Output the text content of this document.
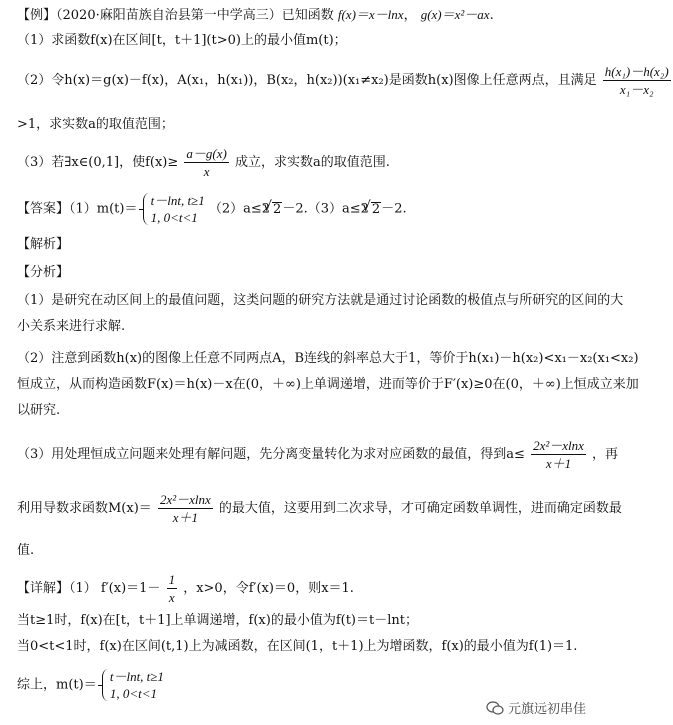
【例】（2020·麻阳苗族自治县第一中学高三）已知函数 f(x)＝x－lnx， g(x)＝x²－ax.
（1）求函数f(x)在区间[t，t＋1](t>0)上的最小值m(t)；
（2）令h(x)＝g(x)－f(x)，A(x₁，h(x₁))，B(x₂，h(x₂))(x₁≠x₂)是函数h(x)图像上任意两点，且满足 $\frac{\text{h(x₁)－h(x₂)}}{\text{x₁－x₂}}$
>1，求实数a的取值范围；
（3）若∃x∈(0,1]，使$f(x)\ge \frac{a-g(x)}{x}$ 成立，求实数a的取值范围.
【答案】（1）m(t)＝
t－lnt, t≥1
1, 0<t<1
（2）a≤2 √ 2－2.（3）a≤2 √ 2－2.
【解析】
【分析】
（1）是研究在动区间上的最值问题，这类问题的研究方法就是通过讨论函数的极值点与所研究的区间的大
小关系来进行求解.
（2）注意到函数h(x)的图像上任意不同两点A，B连线的斜率总大于1，等价于h(x₁)－h(x₂)<x₁－x₂(x₁<x₂)
恒成立，从而构造函数F(x)＝h(x)－x在(0，＋∞)上单调递增，进而等价于F′(x)≥0在(0，＋∞)上恒成立来加
以研究.
（3）用处理恒成立问题来处理有解问题，先分离变量转化为求对应函数的最值，得到$a\le \frac{\text{2x²－xlnx}}{x+1}$ ，再
利用导数求函数$M(x)= \frac{\text{2x²－xlnx}}{x+1}$ 的最大值，这要用到二次求导，才可确定函数单调性，进而确定函数最
值.
【详解】（1） $f'(x)=1- \frac{1}{x}$ ，x>0，令f′(x)＝0，则x＝1.
当t≥1时，f(x)在[t，t＋1]上单调递增，f(x)的最小值为f(t)＝t－lnt；
当0<t<1时，f(x)在区间(t,1)上为减函数，在区间(1，t＋1)上为增函数，f(x)的最小值为f(1)＝1.
综上，m(t)＝
t－lnt, t≥1
1, 0<t<1
元旗远初串佳
